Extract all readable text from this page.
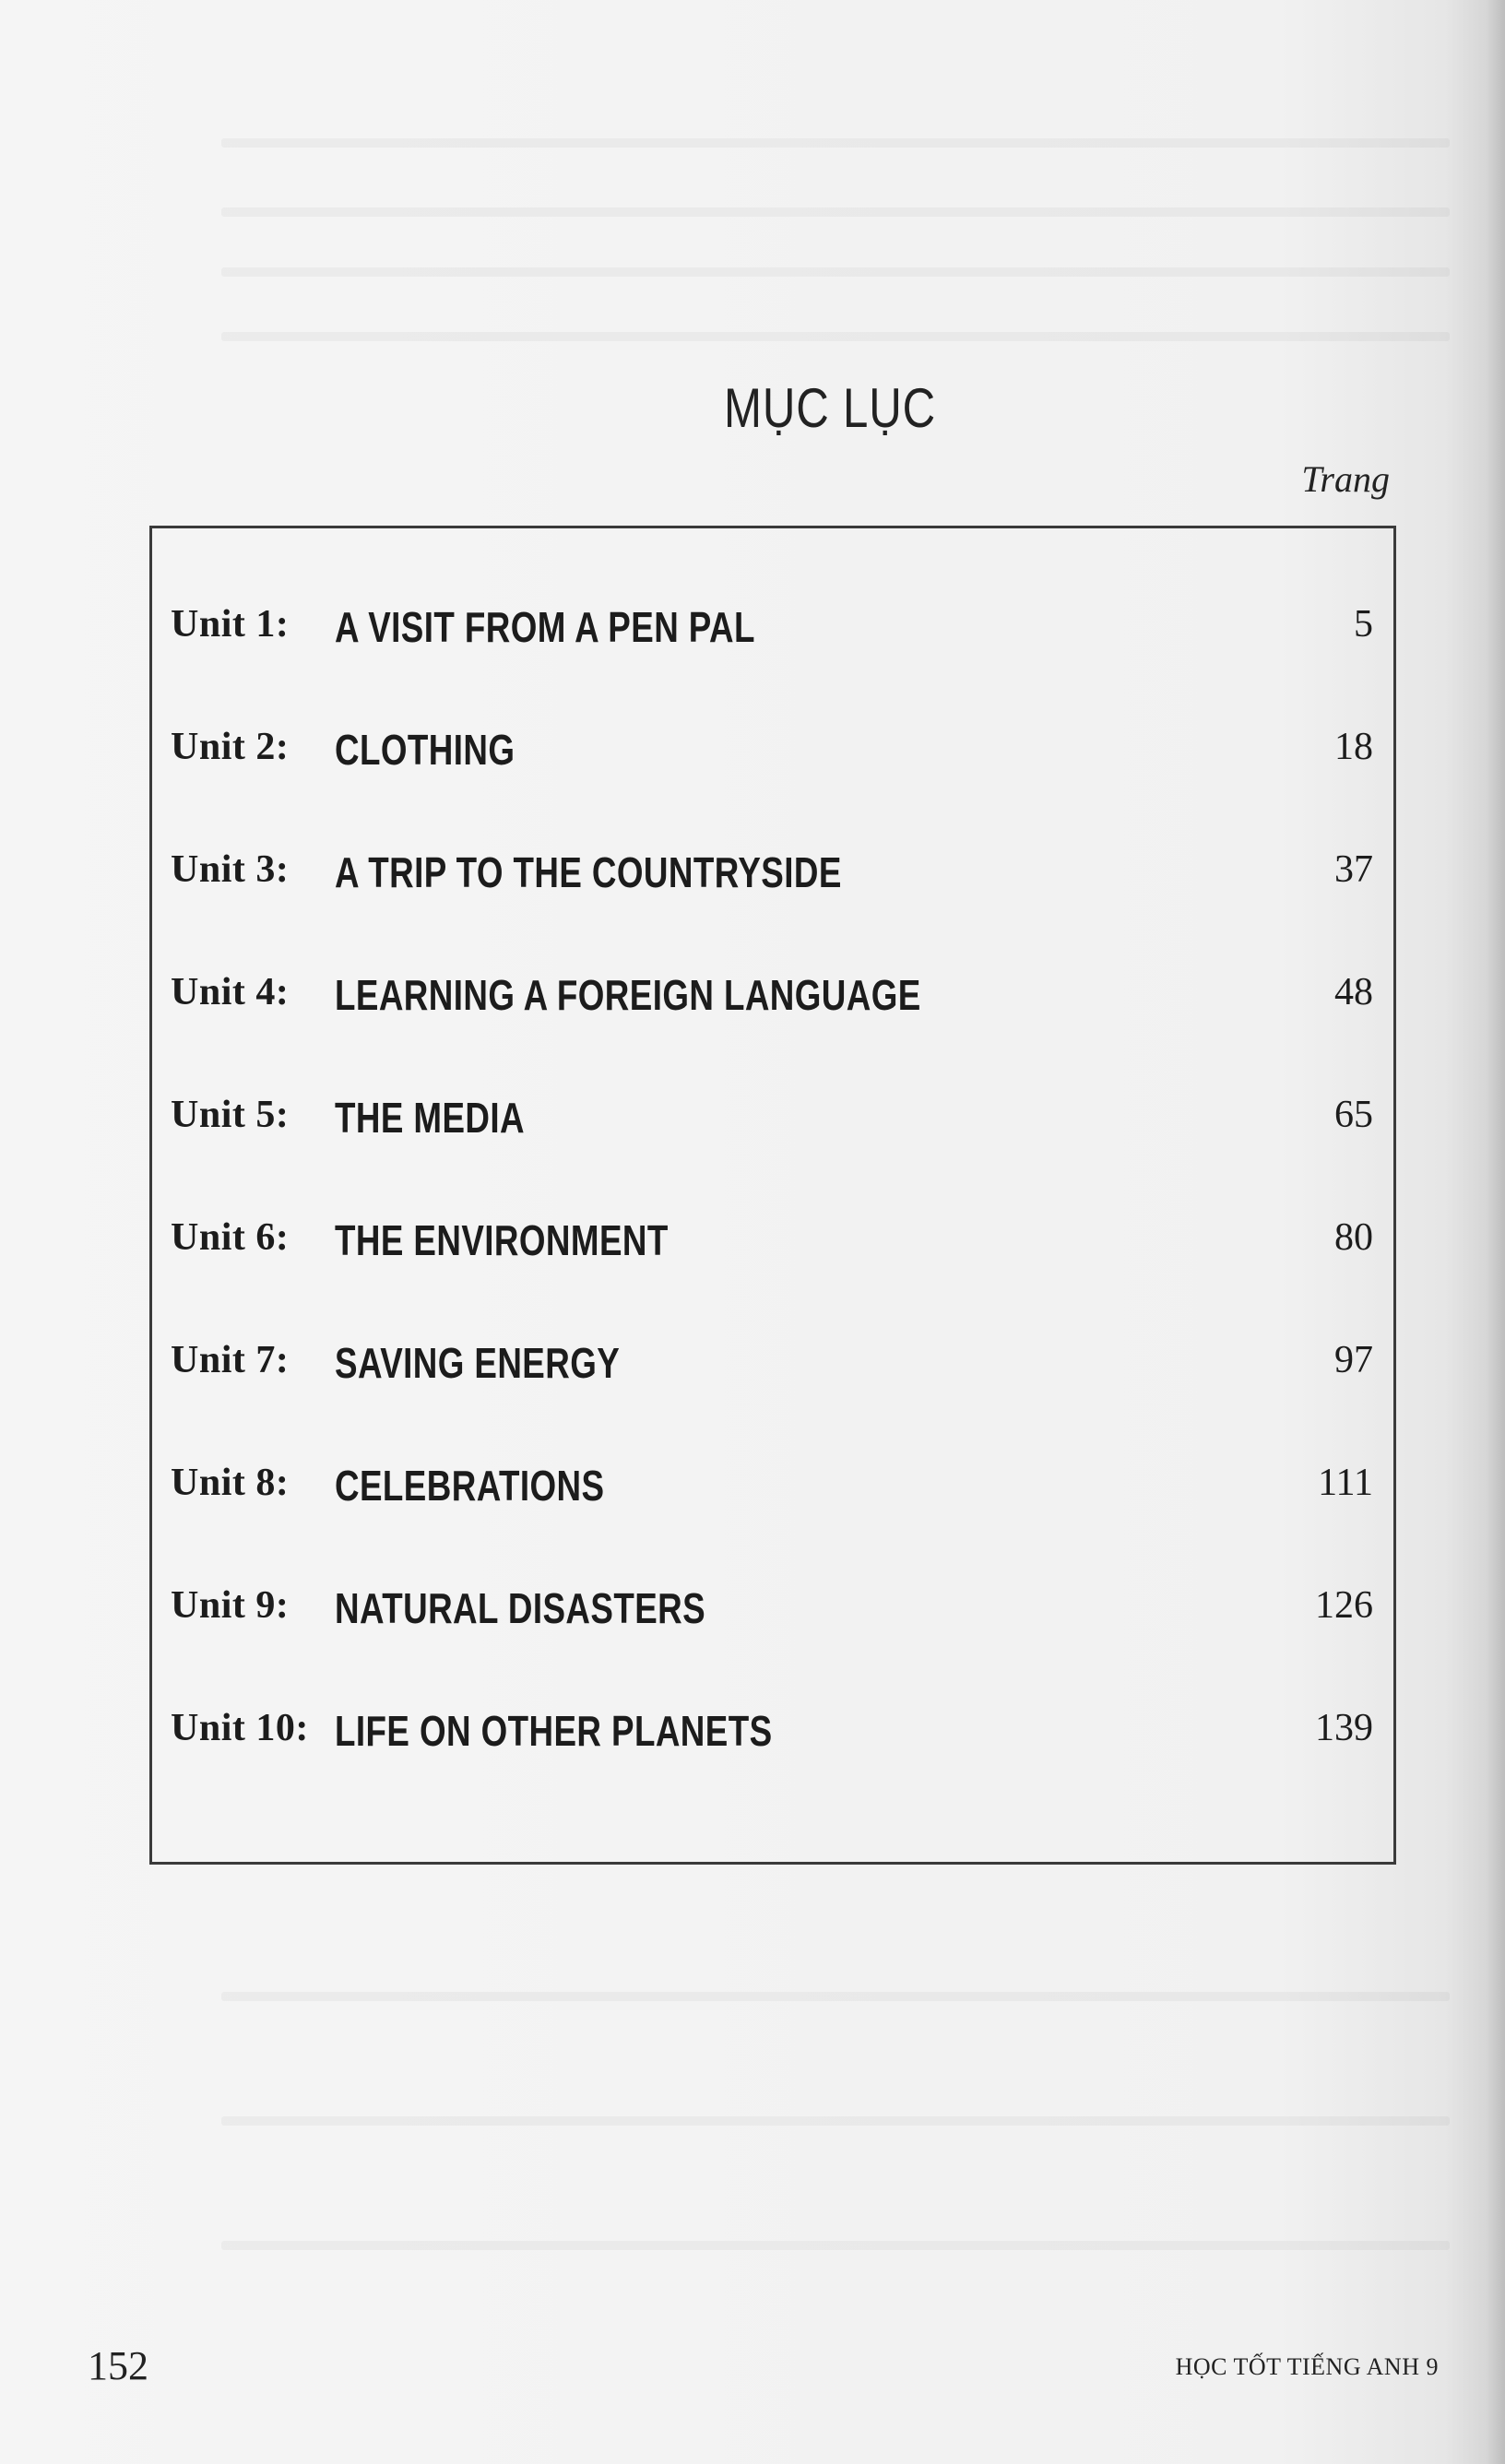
MỤC LỤC
Trang
Unit 1: A VISIT FROM A PEN PAL	5
Unit 2: CLOTHING	18
Unit 3: A TRIP TO THE COUNTRYSIDE	37
Unit 4: LEARNING A FOREIGN LANGUAGE	48
Unit 5: THE MEDIA	65
Unit 6: THE ENVIRONMENT	80
Unit 7: SAVING ENERGY	97
Unit 8: CELEBRATIONS	111
Unit 9: NATURAL DISASTERS	126
Unit 10: LIFE ON OTHER PLANETS	139
152	HỌC TỐT TIẾNG ANH 9
